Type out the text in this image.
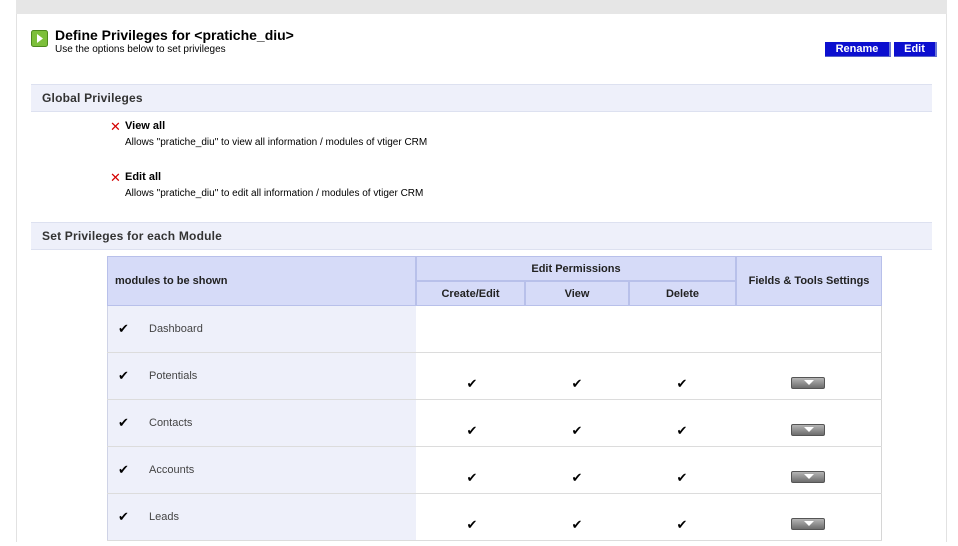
Define Privileges for <pratiche_diu>
Use the options below to set privileges	Rename	Edit
Global Privileges
✕ View all
Allows "pratiche_diu" to view all information / modules of vtiger CRM
✕ Edit all
Allows "pratiche_diu" to edit all information / modules of vtiger CRM
Set Privileges for each Module
modules to be shown
Edit Permissions
Create/Edit	View	Delete
Fields & Tools Settings
✔ Dashboard
✔ Potentials	✔	✔	✔
✔ Contacts	✔	✔	✔
✔ Accounts	✔	✔	✔
✔ Leads	✔	✔	✔
